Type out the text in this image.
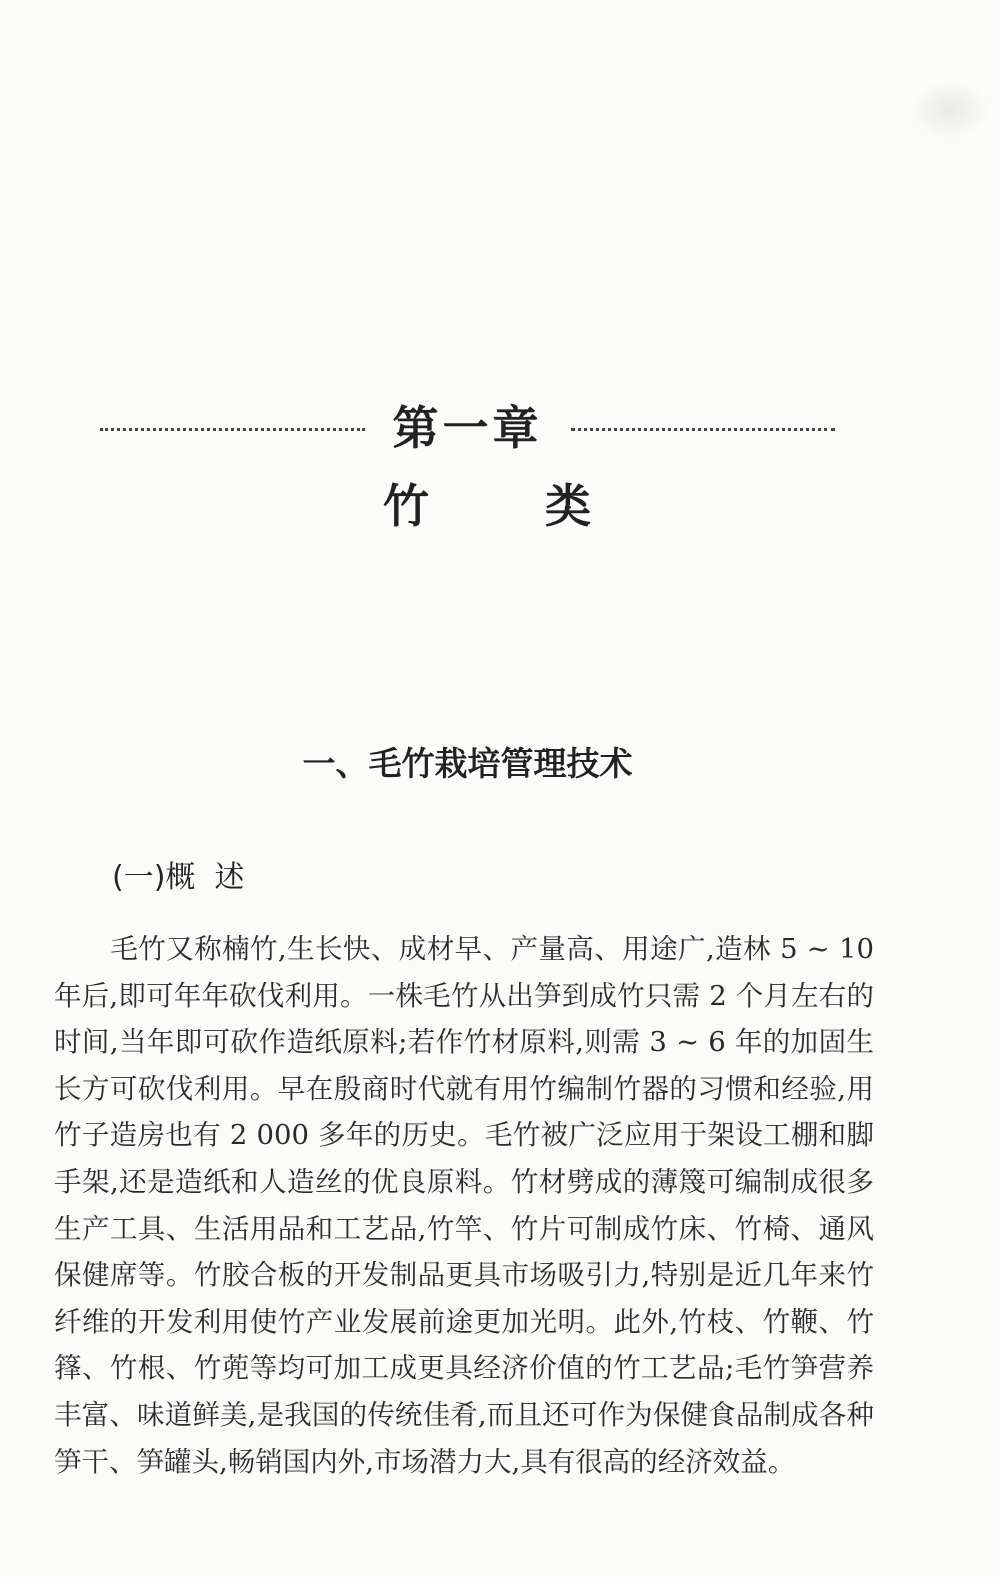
第一章
竹 类
一、毛竹栽培管理技术
(一)概  述

毛竹又称楠竹,生长快、成材早、产量高、用途广,造林 5 ~ 10 年后,即可年年砍伐利用。一株毛竹从出笋到成竹只需 2 个月左右的时间,当年即可砍作造纸原料;若作竹材原料,则需 3 ~ 6 年的加固生长方可砍伐利用。早在殷商时代就有用竹编制竹器的习惯和经验,用竹子造房也有 2 000 多年的历史。毛竹被广泛应用于架设工棚和脚手架,还是造纸和人造丝的优良原料。竹材劈成的薄篾可编制成很多生产工具、生活用品和工艺品,竹竿、竹片可制成竹床、竹椅、通风保健席等。竹胶合板的开发制品更具市场吸引力,特别是近几年来竹纤维的开发利用使竹产业发展前途更加光明。此外,竹枝、竹鞭、竹箨、竹根、竹蔸等均可加工成更具经济价值的竹工艺品;毛竹笋营养丰富、味道鲜美,是我国的传统佳肴,而且还可作为保健食品制成各种笋干、笋罐头,畅销国内外,市场潜力大,具有很高的经济效益。
